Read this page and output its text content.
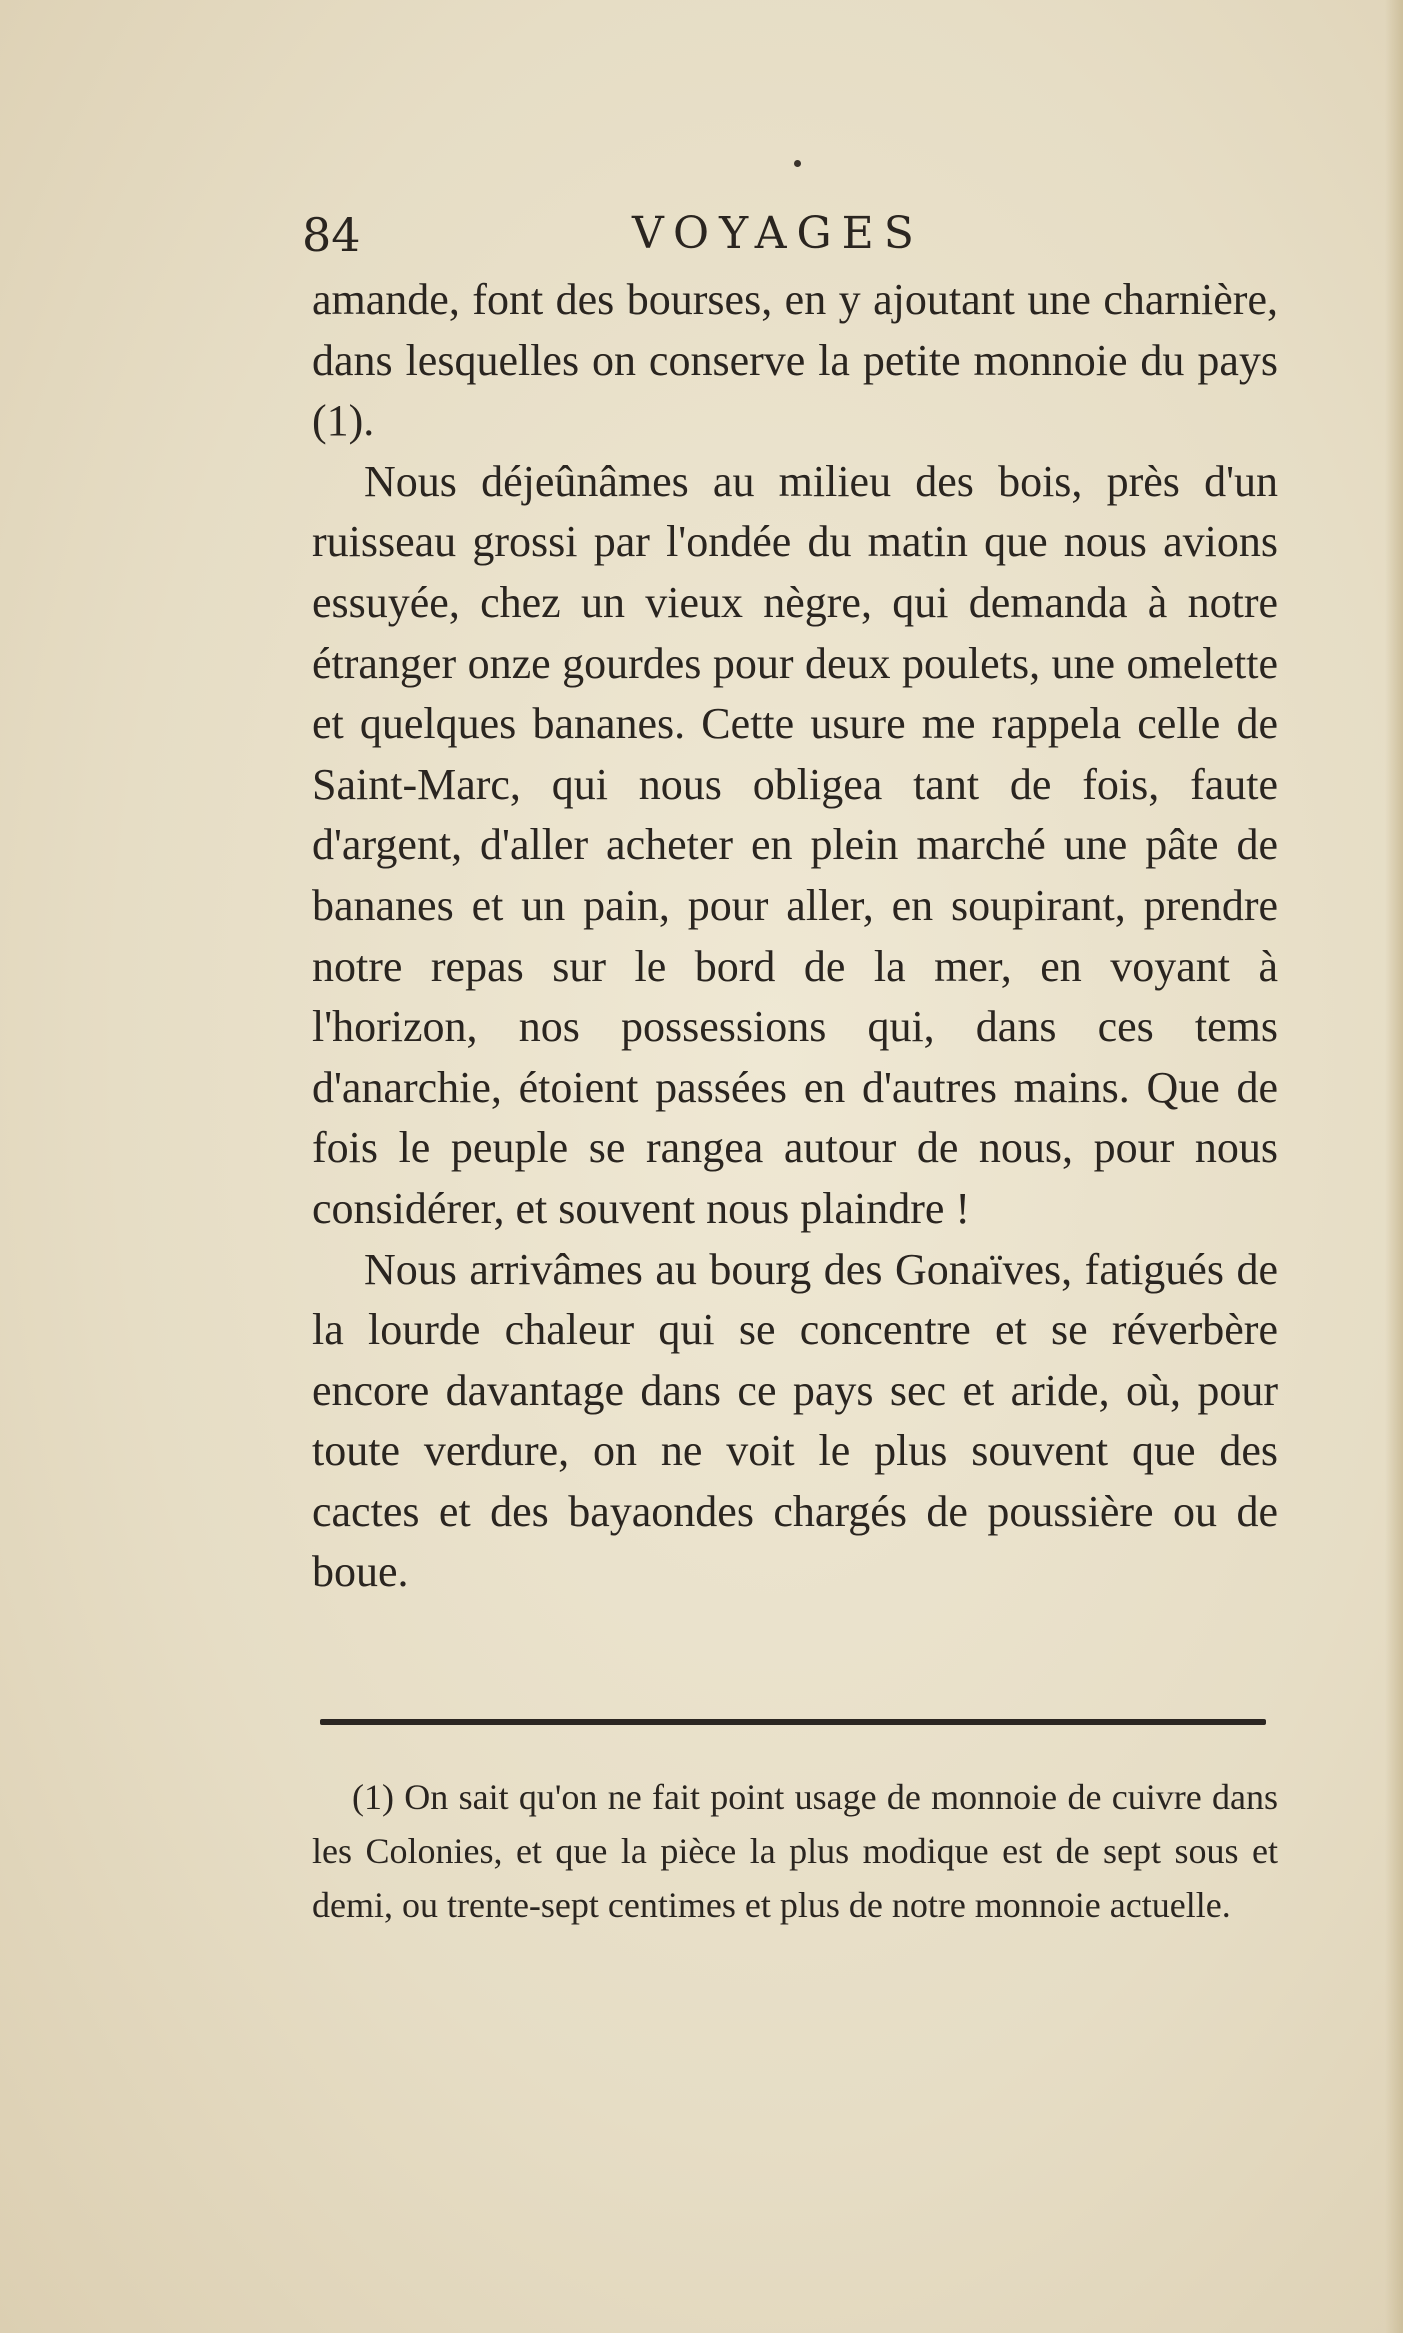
84	VOYAGES

amande, font des bourses, en y ajoutant une charnière, dans lesquelles on conserve la petite monnoie du pays (1).

Nous déjeûnâmes au milieu des bois, près d'un ruisseau grossi par l'ondée du matin que nous avions essuyée, chez un vieux nègre, qui demanda à notre étranger onze gourdes pour deux poulets, une omelette et quelques bananes. Cette usure me rappela celle de Saint-Marc, qui nous obligea tant de fois, faute d'argent, d'aller acheter en plein marché une pâte de bananes et un pain, pour aller, en soupirant, prendre notre repas sur le bord de la mer, en voyant à l'horizon, nos possessions qui, dans ces tems d'anarchie, étoient passées en d'autres mains. Que de fois le peuple se rangea autour de nous, pour nous considérer, et souvent nous plaindre !

Nous arrivâmes au bourg des Gonaïves, fatigués de la lourde chaleur qui se concentre et se réverbère encore davantage dans ce pays sec et aride, où, pour toute verdure, on ne voit le plus souvent que des cactes et des bayaondes chargés de poussière ou de boue.

(1) On sait qu'on ne fait point usage de monnoie de cuivre dans les Colonies, et que la pièce la plus modique est de sept sous et demi, ou trente-sept centimes et plus de notre monnoie actuelle.
